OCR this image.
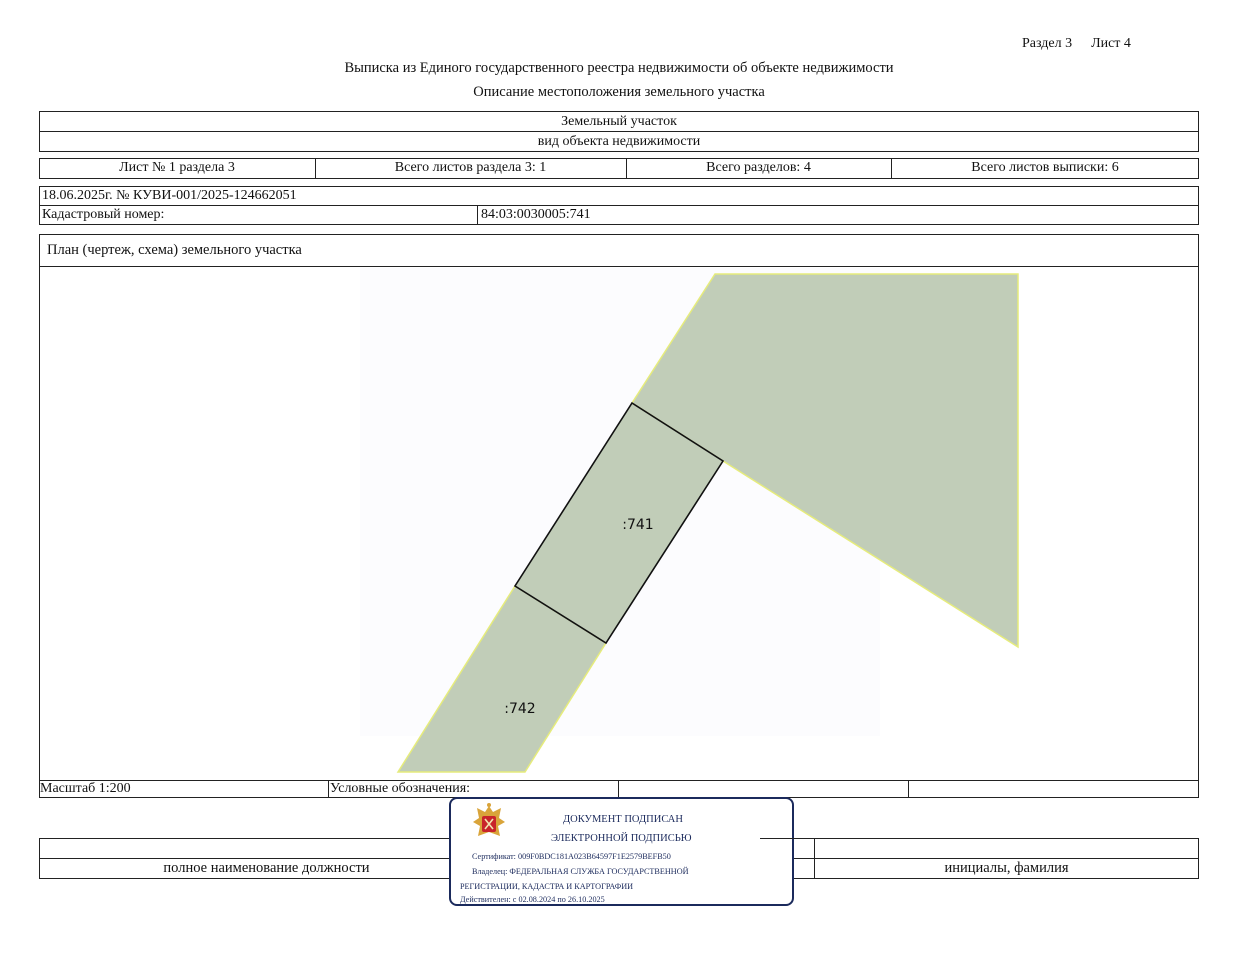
Раздел 3 Лист 4
Выписка из Единого государственного реестра недвижимости об объекте недвижимости
Описание местоположения земельного участка
Земельный участок
вид объекта недвижимости
Лист № 1 раздела 3	Всего листов раздела 3: 1	Всего разделов: 4	Всего листов выписки: 6
18.06.2025г. № КУВИ-001/2025-124662051
Кадастровый номер:	84:03:0030005:741
План (чертеж, схема) земельного участка
:741
:742
Масштаб 1:200	Условные обозначения:
полное наименование должности	инициалы, фамилия
ДОКУМЕНТ ПОДПИСАН
ЭЛЕКТРОННОЙ ПОДПИСЬЮ
Сертификат: 009F0BDC181A023B64597F1E2579BEFB50
Владелец: ФЕДЕРАЛЬНАЯ СЛУЖБА ГОСУДАРСТВЕННОЙ
РЕГИСТРАЦИИ, КАДАСТРА И КАРТОГРАФИИ
Действителен: с 02.08.2024 по 26.10.2025
